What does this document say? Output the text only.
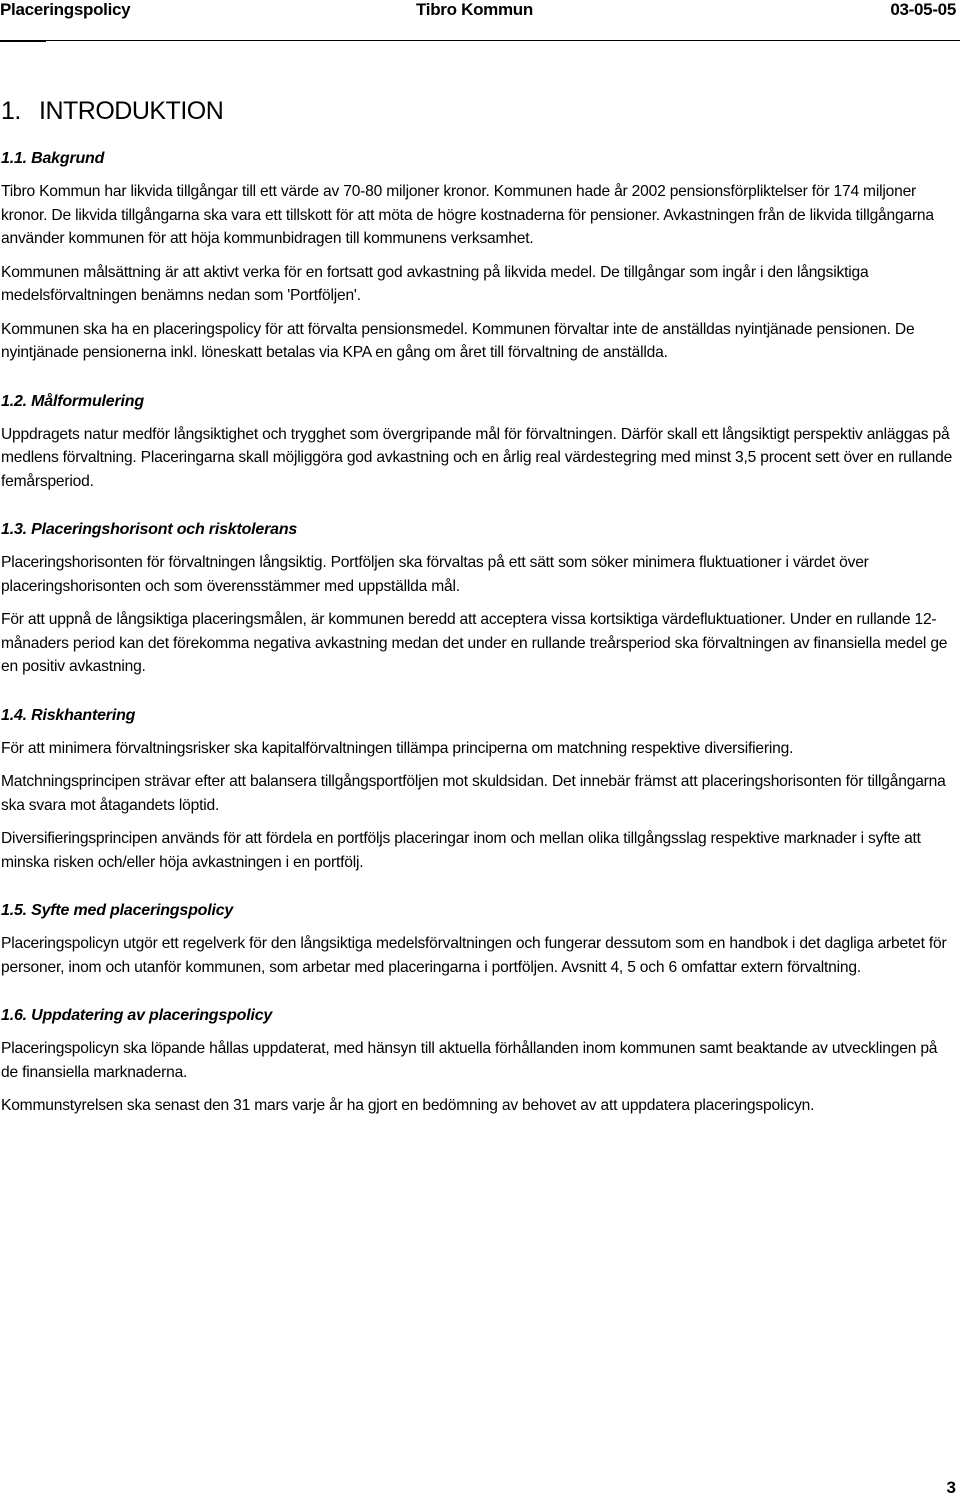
Placeringspolicy	Tibro Kommun	03-05-05
1. INTRODUKTION
1.1. Bakgrund

Tibro Kommun har likvida tillgångar till ett värde av 70-80 miljoner kronor. Kommunen hade år 2002 pensionsförpliktelser för 174 miljoner kronor. De likvida tillgångarna ska vara ett tillskott för att möta de högre kostnaderna för pensioner. Avkastningen från de likvida tillgångarna använder kommunen för att höja kommunbidragen till kommunens verksamhet.

Kommunen målsättning är att aktivt verka för en fortsatt god avkastning på likvida medel. De tillgångar som ingår i den långsiktiga medelsförvaltningen benämns nedan som 'Portföljen'.

Kommunen ska ha en placeringspolicy för att förvalta pensionsmedel. Kommunen förvaltar inte de anställdas nyintjänade pensionen. De nyintjänade pensionerna inkl. löneskatt betalas via KPA en gång om året till förvaltning de anställda.

1.2. Målformulering

Uppdragets natur medför långsiktighet och trygghet som övergripande mål för förvaltningen. Därför skall ett långsiktigt perspektiv anläggas på medlens förvaltning. Placeringarna skall möjliggöra god avkastning och en årlig real värdestegring med minst 3,5 procent sett över en rullande femårsperiod.

1.3. Placeringshorisont och risktolerans

Placeringshorisonten för förvaltningen långsiktig. Portföljen ska förvaltas på ett sätt som söker minimera fluktuationer i värdet över placeringshorisonten och som överensstämmer med uppställda mål.

För att uppnå de långsiktiga placeringsmålen, är kommunen beredd att acceptera vissa kortsiktiga värdefluktuationer. Under en rullande 12-månaders period kan det förekomma negativa avkastning medan det under en rullande treårsperiod ska förvaltningen av finansiella medel ge en positiv avkastning.

1.4. Riskhantering

För att minimera förvaltningsrisker ska kapitalförvaltningen tillämpa principerna om matchning respektive diversifiering.

Matchningsprincipen strävar efter att balansera tillgångsportföljen mot skuldsidan. Det innebär främst att placeringshorisonten för tillgångarna ska svara mot åtagandets löptid.

Diversifieringsprincipen används för att fördela en portföljs placeringar inom och mellan olika tillgångsslag respektive marknader i syfte att minska risken och/eller höja avkastningen i en portfölj.

1.5. Syfte med placeringspolicy

Placeringspolicyn utgör ett regelverk för den långsiktiga medelsförvaltningen och fungerar dessutom som en handbok i det dagliga arbetet för personer, inom och utanför kommunen, som arbetar med placeringarna i portföljen. Avsnitt 4, 5 och 6 omfattar extern förvaltning.

1.6. Uppdatering av placeringspolicy

Placeringspolicyn ska löpande hållas uppdaterat, med hänsyn till aktuella förhållanden inom kommunen samt beaktande av utvecklingen på de finansiella marknaderna.

Kommunstyrelsen ska senast den 31 mars varje år ha gjort en bedömning av behovet av att uppdatera placeringspolicyn.

3
